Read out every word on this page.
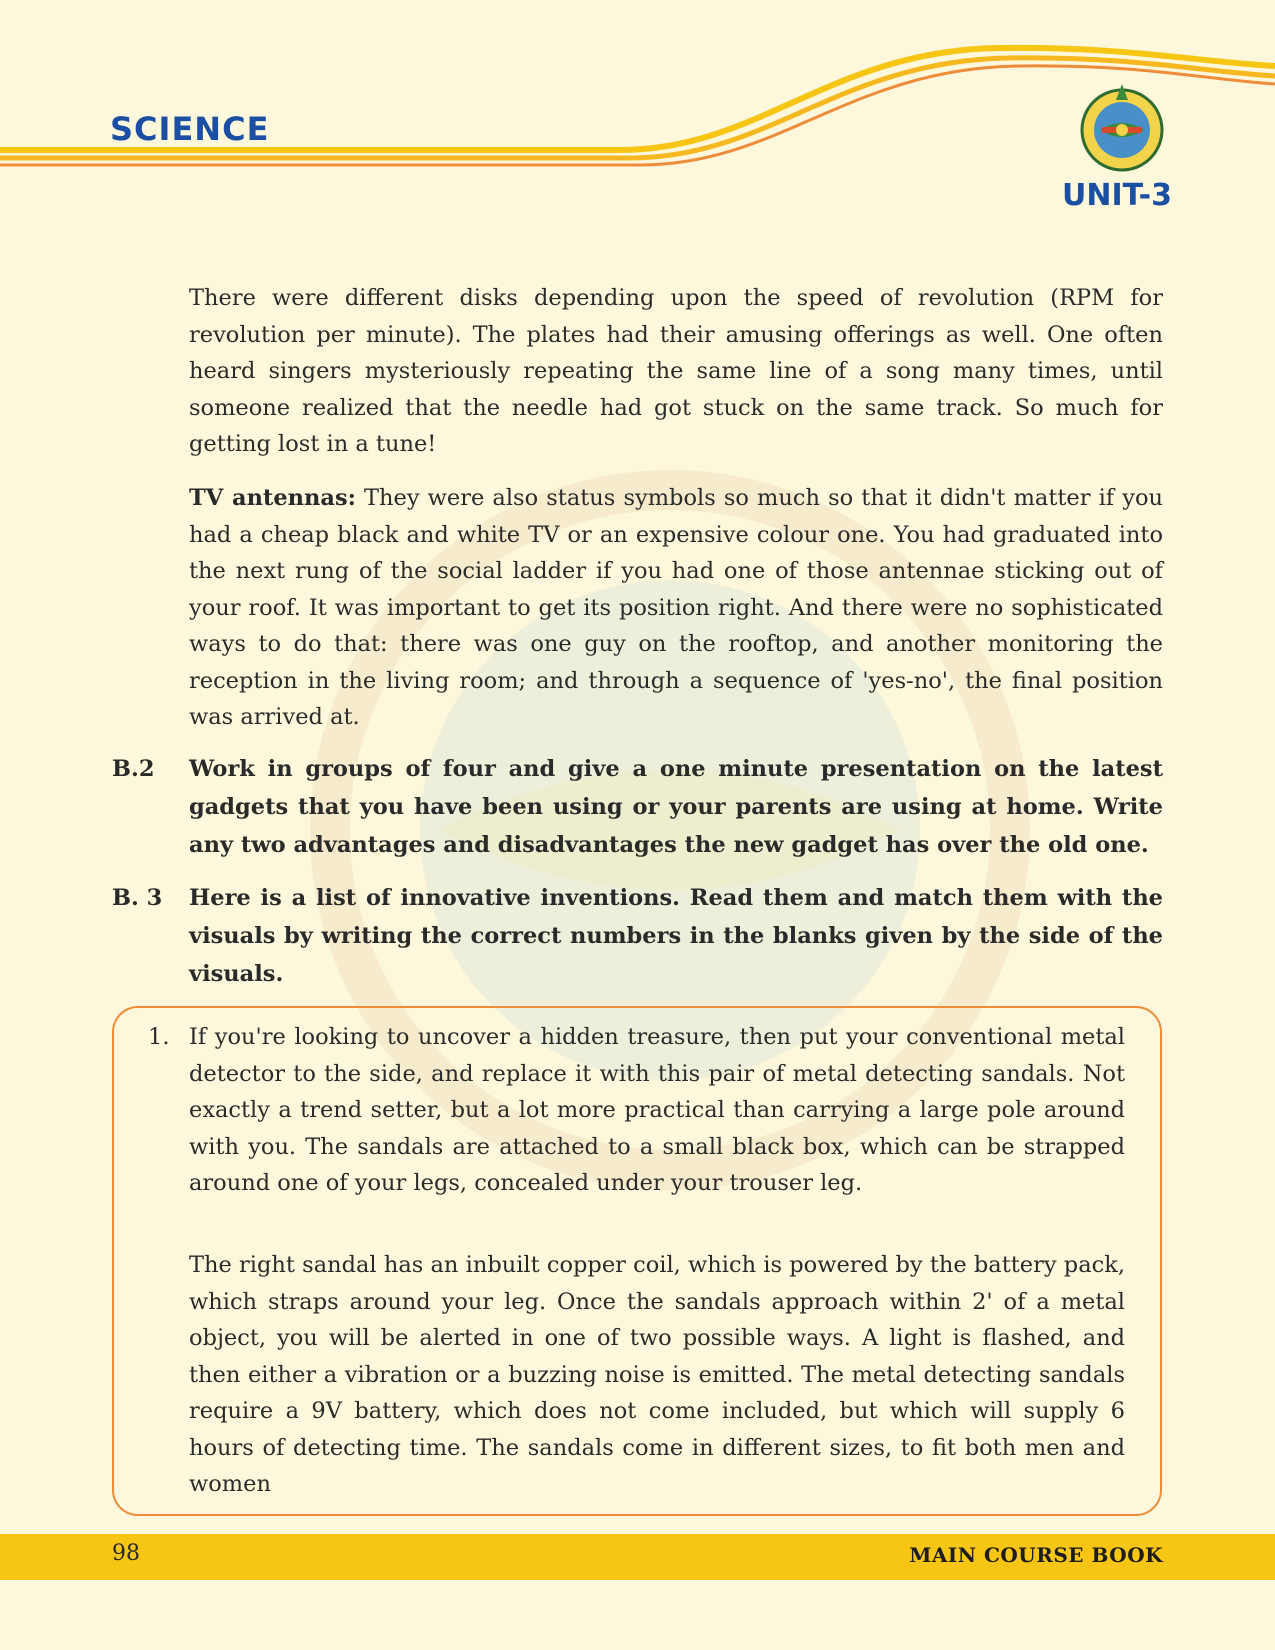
SCIENCE
UNIT-3

There were different disks depending upon the speed of revolution (RPM for revolution per minute). The plates had their amusing offerings as well. One often heard singers mysteriously repeating the same line of a song many times, until someone realized that the needle had got stuck on the same track. So much for getting lost in a tune!

TV antennas: They were also status symbols so much so that it didn't matter if you had a cheap black and white TV or an expensive colour one. You had graduated into the next rung of the social ladder if you had one of those antennae sticking out of your roof. It was important to get its position right. And there were no sophisticated ways to do that: there was one guy on the rooftop, and another monitoring the reception in the living room; and through a sequence of 'yes-no', the final position was arrived at.

B.2 Work in groups of four and give a one minute presentation on the latest gadgets that you have been using or your parents are using at home. Write any two advantages and disadvantages the new gadget has over the old one.

B. 3 Here is a list of innovative inventions. Read them and match them with the visuals by writing the correct numbers in the blanks given by the side of the visuals.

1. If you're looking to uncover a hidden treasure, then put your conventional metal detector to the side, and replace it with this pair of metal detecting sandals. Not exactly a trend setter, but a lot more practical than carrying a large pole around with you. The sandals are attached to a small black box, which can be strapped around one of your legs, concealed under your trouser leg.

The right sandal has an inbuilt copper coil, which is powered by the battery pack, which straps around your leg. Once the sandals approach within 2' of a metal object, you will be alerted in one of two possible ways. A light is flashed, and then either a vibration or a buzzing noise is emitted. The metal detecting sandals require a 9V battery, which does not come included, but which will supply 6 hours of detecting time. The sandals come in different sizes, to fit both men and women

98	MAIN COURSE BOOK
